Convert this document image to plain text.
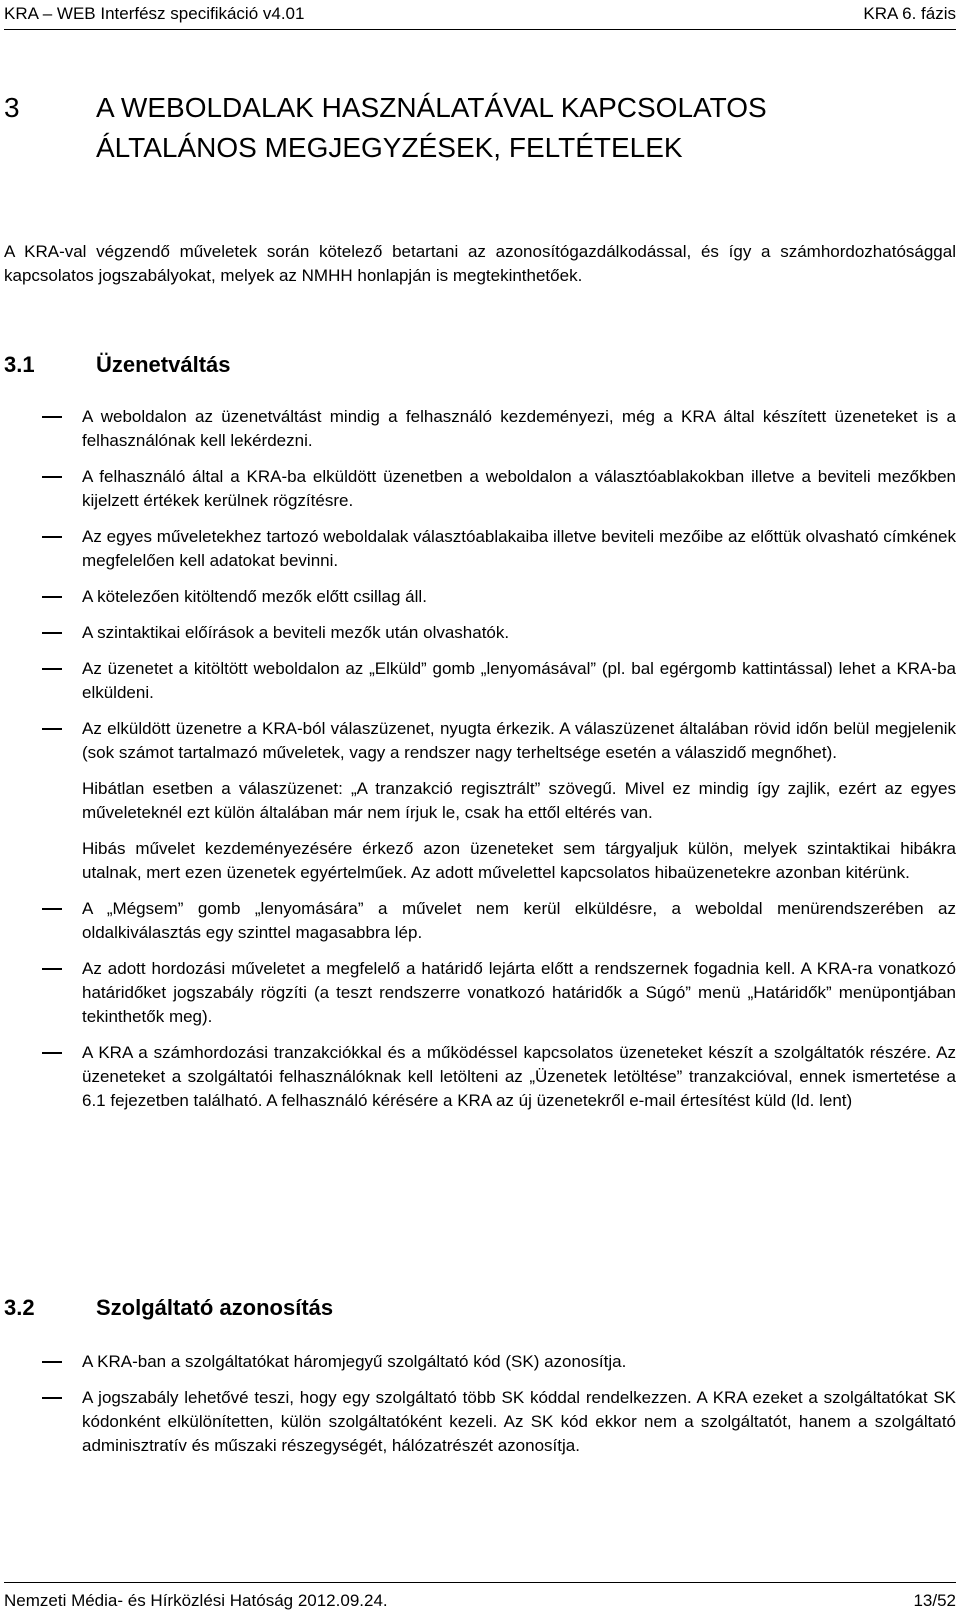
KRA – WEB Interfész specifikáció v4.01	KRA 6. fázis
3	A WEBOLDALAK HASZNÁLATÁVAL KAPCSOLATOS
ÁLTALÁNOS MEGJEGYZÉSEK, FELTÉTELEK
A KRA-val végzendő műveletek során kötelező betartani az azonosítógazdálkodással, és így a számhordozhatósággal kapcsolatos jogszabályokat, melyek az NMHH honlapján is megtekinthetőek.
3.1	Üzenetváltás
A weboldalon az üzenetváltást mindig a felhasználó kezdeményezi, még a KRA által készített üzeneteket is a felhasználónak kell lekérdezni.
A felhasználó által a KRA-ba elküldött üzenetben a weboldalon a választóablakokban illetve a beviteli mezőkben kijelzett értékek kerülnek rögzítésre.
Az egyes műveletekhez tartozó weboldalak választóablakaiba illetve beviteli mezőibe az előttük olvasható címkének megfelelően kell adatokat bevinni.
A kötelezően kitöltendő mezők előtt csillag áll.
A szintaktikai előírások a beviteli mezők után olvashatók.
Az üzenetet a kitöltött weboldalon az „Elküld” gomb „lenyomásával” (pl. bal egérgomb kattintással) lehet a KRA-ba elküldeni.
Az elküldött üzenetre a KRA-ból válaszüzenet, nyugta érkezik. A válaszüzenet általában rövid időn belül megjelenik (sok számot tartalmazó műveletek, vagy a rendszer nagy terheltsége esetén a válaszidő megnőhet).
Hibátlan esetben a válaszüzenet: „A tranzakció regisztrált” szövegű. Mivel ez mindig így zajlik, ezért az egyes műveleteknél ezt külön általában már nem írjuk le, csak ha ettől eltérés van.
Hibás művelet kezdeményezésére érkező azon üzeneteket sem tárgyaljuk külön, melyek szintaktikai hibákra utalnak, mert ezen üzenetek egyértelműek. Az adott művelettel kapcsolatos hibaüzenetekre azonban kitérünk.
A „Mégsem” gomb „lenyomására” a művelet nem kerül elküldésre, a weboldal menürendszerében az oldalkiválasztás egy szinttel magasabbra lép.
Az adott hordozási műveletet a megfelelő a határidő lejárta előtt a rendszernek fogadnia kell. A KRA-ra vonatkozó határidőket jogszabály rögzíti (a teszt rendszerre vonatkozó határidők a Súgó” menü „Határidők” menüpontjában tekinthetők meg).
A KRA a számhordozási tranzakciókkal és a működéssel kapcsolatos üzeneteket készít a szolgáltatók részére. Az üzeneteket a szolgáltatói felhasználóknak kell letölteni az „Üzenetek letöltése” tranzakcióval, ennek ismertetése a 6.1 fejezetben található. A felhasználó kérésére a KRA az új üzenetekről e-mail értesítést küld (ld. lent)
3.2	Szolgáltató azonosítás
A KRA-ban a szolgáltatókat háromjegyű szolgáltató kód (SK) azonosítja.
A jogszabály lehetővé teszi, hogy egy szolgáltató több SK kóddal rendelkezzen. A KRA ezeket a szolgáltatókat SK kódonként elkülönítetten, külön szolgáltatóként kezeli. Az SK kód ekkor nem a szolgáltatót, hanem a szolgáltató adminisztratív és műszaki részegységét, hálózatrészét azonosítja.
Nemzeti Média- és Hírközlési Hatóság 2012.09.24.	13/52
